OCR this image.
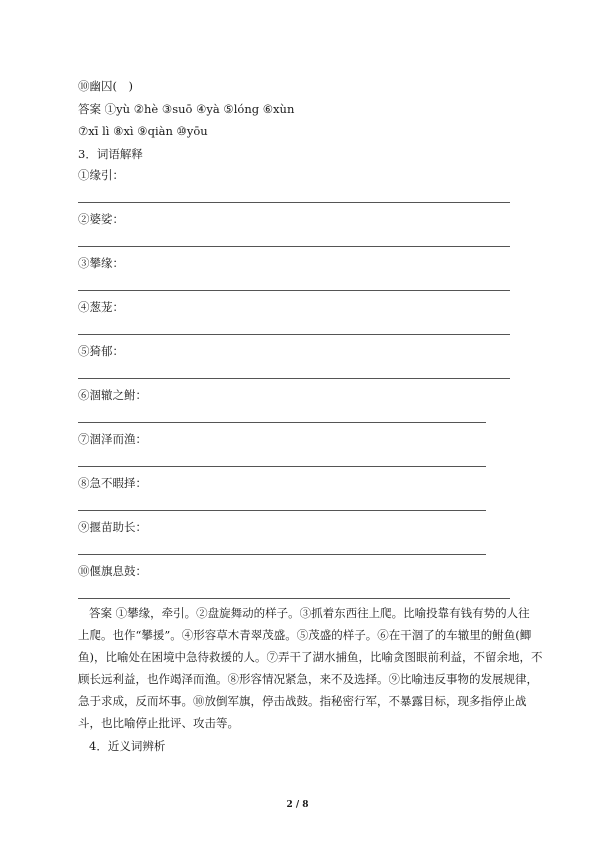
⑩幽囚(　)
答案 ①yù ②hè ③suō ④yà ⑤lóng ⑥xùn
⑦xī lì ⑧xì ⑨qiàn ⑩yōu
3．词语解释
①缘引：
②婆娑：
③攀缘：
④葱茏：
⑤猗郁：
⑥涸辙之鲋：
⑦涸泽而渔：
⑧急不暇择：
⑨揠苗助长：
⑩偃旗息鼓：

答案 ①攀缘，牵引。②盘旋舞动的样子。③抓着东西往上爬。比喻投靠有钱有势的人往

上爬。也作“攀援”。④形容草木青翠茂盛。⑤茂盛的样子。⑥在干涸了的车辙里的鲋鱼(鲫

鱼)，比喻处在困境中急待救援的人。⑦弄干了湖水捕鱼，比喻贪图眼前利益，不留余地，不

顾长远利益，也作竭泽而渔。⑧形容情况紧急，来不及选择。⑨比喻违反事物的发展规律，

急于求成，反而坏事。⑩放倒军旗，停击战鼓。指秘密行军，不暴露目标，现多指停止战

斗，也比喻停止批评、攻击等。

4．近义词辨析
2 / 8
